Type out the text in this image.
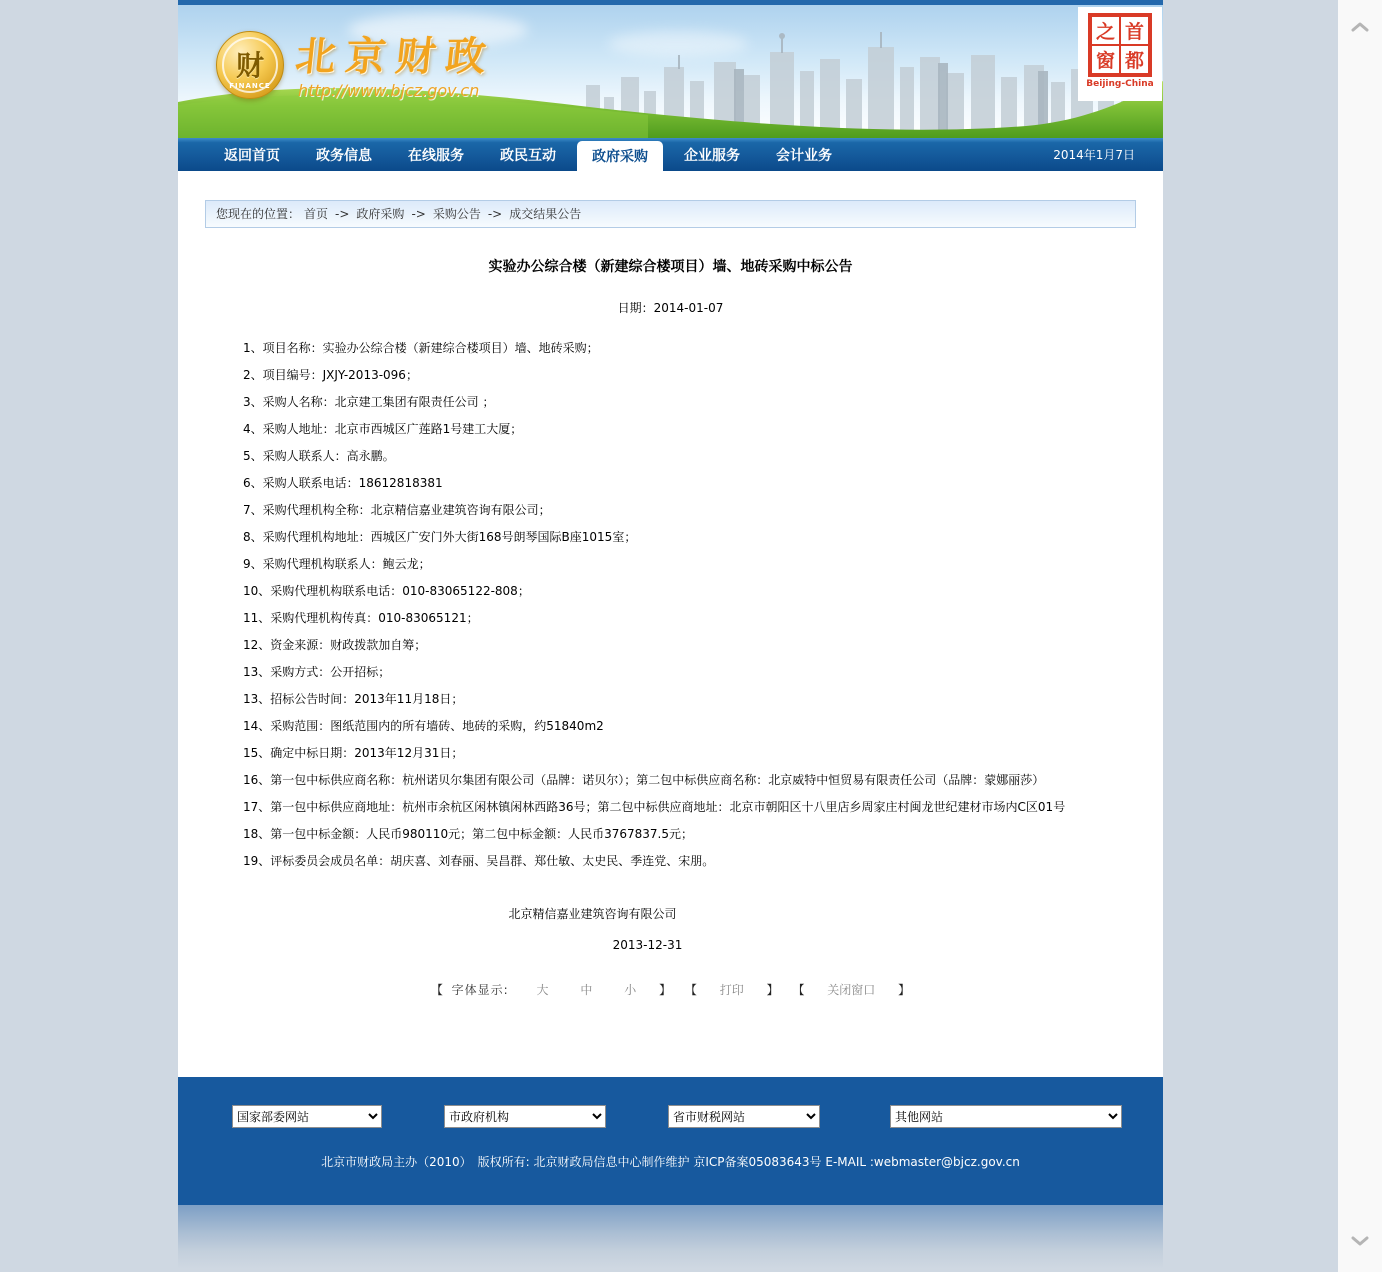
财
FINANCE
北京财政
http://www.bjcz.gov.cn
之 首
窗 都
Beijing-China
返回首页	政务信息	在线服务	政民互动	政府采购	企业服务	会计业务	2014年1月7日
您现在的位置： 首页 -> 政府采购 -> 采购公告 -> 成交结果公告
实验办公综合楼（新建综合楼项目）墙、地砖采购中标公告
日期：2014-01-07

1、项目名称：实验办公综合楼（新建综合楼项目）墙、地砖采购；

2、项目编号：JXJY-2013-096；

3、采购人名称：北京建工集团有限责任公司 ；

4、采购人地址：北京市西城区广莲路1号建工大厦；

5、采购人联系人：高永鹏。

6、采购人联系电话：18612818381

7、采购代理机构全称：北京精信嘉业建筑咨询有限公司；

8、采购代理机构地址：西城区广安门外大街168号朗琴国际B座1015室；

9、采购代理机构联系人：鲍云龙；

10、采购代理机构联系电话：010-83065122-808；

11、采购代理机构传真：010-83065121；

12、资金来源：财政拨款加自筹；

13、采购方式：公开招标；

13、招标公告时间：2013年11月18日；

14、采购范围：图纸范围内的所有墙砖、地砖的采购，约51840m2

15、确定中标日期：2013年12月31日；

16、第一包中标供应商名称：杭州诺贝尔集团有限公司（品牌：诺贝尔）；第二包中标供应商名称：北京威特中恒贸易有限责任公司（品牌：蒙娜丽莎）

17、第一包中标供应商地址：杭州市余杭区闲林镇闲林西路36号；第二包中标供应商地址：北京市朝阳区十八里店乡周家庄村闽龙世纪建材市场内C区01号

18、第一包中标金额：人民币980110元；第二包中标金额：人民币3767837.5元；

19、评标委员会成员名单：胡庆喜、刘春丽、吴昌群、郑仕敏、太史民、季连党、宋朋。

北京精信嘉业建筑咨询有限公司
2013-12-31
【 字体显示: 大	中	小 】 【 打印 】 【 关闭窗口 】
国家部委网站
市政府机构
省市财税网站
其他网站
北京市财政局主办（2010）　版权所有: 北京财政局信息中心制作维护 京ICP备案05083643号 E-MAIL :webmaster@bjcz.gov.cn
